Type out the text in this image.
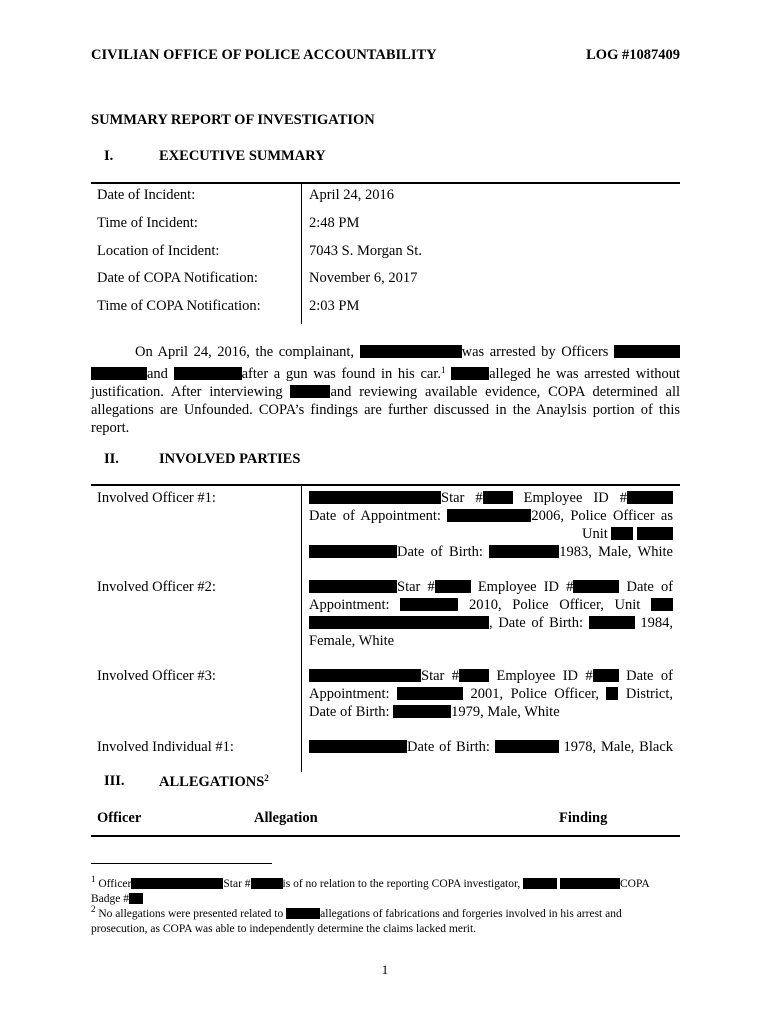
CIVILIAN OFFICE OF POLICE ACCOUNTABILITY	LOG #1087409
SUMMARY REPORT OF INVESTIGATION
I.	EXECUTIVE SUMMARY
Date of Incident:	April 24, 2016
Time of Incident:	2:48 PM
Location of Incident:	7043 S. Morgan St.
Date of COPA Notification:	November 6, 2017
Time of COPA Notification:	2:03 PM
On April 24, 2016, the complainant,	was arrested by Officers
and	after a gun was found in his car.$^1$	alleged he was arrested without
justification. After interviewing	and reviewing available evidence, COPA determined all allegations are Unfounded. COPA’s findings are further discussed in the Anaylsis portion of this report.
II.	INVOLVED PARTIES
Involved Officer #1:	Star #	Employee ID #
Date of Appointment:	2006, Police Officer as
Unit
Date of Birth:	1983, Male, White
Involved Officer #2:	Star #	Employee ID #	Date of
Appointment:	2010, Police Officer, Unit
, Date of Birth:	1984,
Female, White
Involved Officer #3:	Star #	Employee ID # Date of
Appointment:	2001, Police Officer, District,
Date of Birth:	1979, Male, White
Involved Individual #1:	Date of Birth:	1978, Male, Black
III. ALLEGATIONS$^2$
Officer	Allegation	Finding
$^1$ Officer	Star #	is of no relation to the reporting COPA investigator,	COPA
Badge #
$^2$ No allegations were presented related to	allegations of fabrications and forgeries involved in his arrest and prosecution, as COPA was able to independently determine the claims lacked merit.
1
